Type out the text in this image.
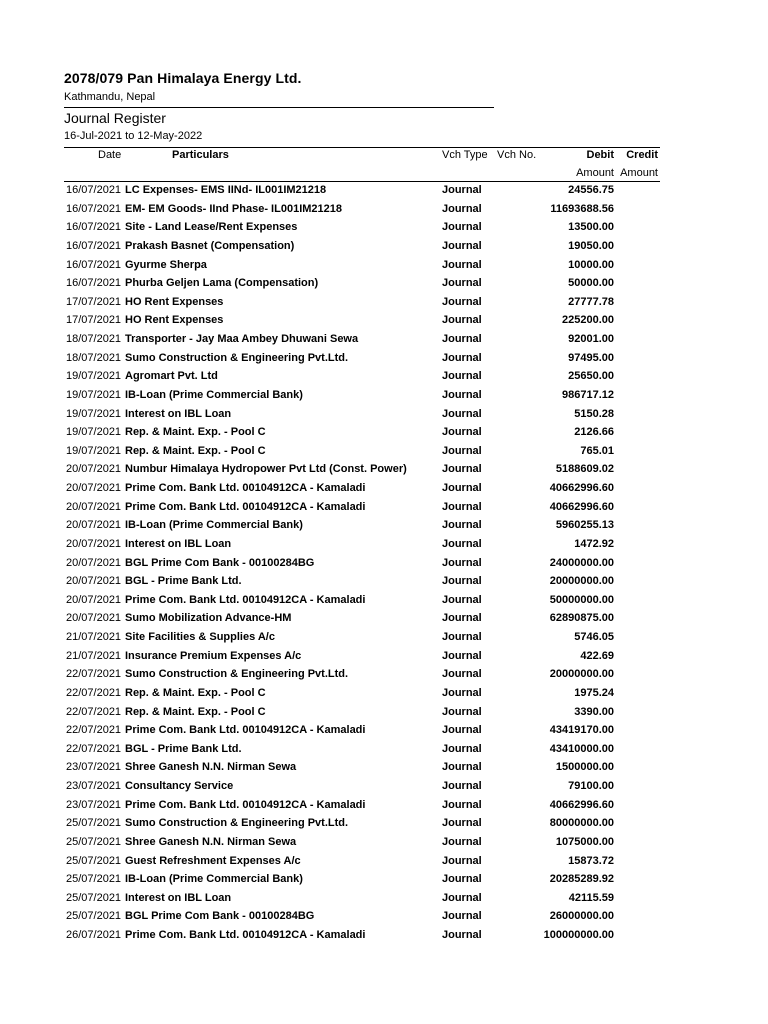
2078/079 Pan Himalaya Energy Ltd.
Kathmandu, Nepal
Journal Register
16-Jul-2021 to 12-May-2022
Date	Particulars	Vch Type Vch No.	Debit Credit
Amount Amount
16/07/2021 LC Expenses- EMS IINd- IL001IM21218	Journal	24556.75
16/07/2021 EM- EM Goods- IInd Phase- IL001IM21218	Journal	11693688.56
16/07/2021 Site - Land Lease/Rent Expenses	Journal	13500.00
16/07/2021 Prakash Basnet (Compensation)	Journal	19050.00
16/07/2021 Gyurme Sherpa	Journal	10000.00
16/07/2021 Phurba Geljen Lama (Compensation)	Journal	50000.00
17/07/2021 HO Rent Expenses	Journal	27777.78
17/07/2021 HO Rent Expenses	Journal	225200.00
18/07/2021 Transporter - Jay Maa Ambey Dhuwani Sewa	Journal	92001.00
18/07/2021 Sumo Construction & Engineering Pvt.Ltd.	Journal	97495.00
19/07/2021 Agromart Pvt. Ltd	Journal	25650.00
19/07/2021 IB-Loan (Prime Commercial Bank)	Journal	986717.12
19/07/2021 Interest on IBL Loan	Journal	5150.28
19/07/2021 Rep. & Maint. Exp. - Pool C	Journal	2126.66
19/07/2021 Rep. & Maint. Exp. - Pool C	Journal	765.01
20/07/2021 Numbur Himalaya Hydropower Pvt Ltd (Const. Power)	Journal	5188609.02
20/07/2021 Prime Com. Bank Ltd. 00104912CA - Kamaladi	Journal	40662996.60
20/07/2021 Prime Com. Bank Ltd. 00104912CA - Kamaladi	Journal	40662996.60
20/07/2021 IB-Loan (Prime Commercial Bank)	Journal	5960255.13
20/07/2021 Interest on IBL Loan	Journal	1472.92
20/07/2021 BGL Prime Com Bank - 00100284BG	Journal	24000000.00
20/07/2021 BGL - Prime Bank Ltd.	Journal	20000000.00
20/07/2021 Prime Com. Bank Ltd. 00104912CA - Kamaladi	Journal	50000000.00
20/07/2021 Sumo Mobilization Advance-HM	Journal	62890875.00
21/07/2021 Site Facilities & Supplies A/c	Journal	5746.05
21/07/2021 Insurance Premium Expenses A/c	Journal	422.69
22/07/2021 Sumo Construction & Engineering Pvt.Ltd.	Journal	20000000.00
22/07/2021 Rep. & Maint. Exp. - Pool C	Journal	1975.24
22/07/2021 Rep. & Maint. Exp. - Pool C	Journal	3390.00
22/07/2021 Prime Com. Bank Ltd. 00104912CA - Kamaladi	Journal	43419170.00
22/07/2021 BGL - Prime Bank Ltd.	Journal	43410000.00
23/07/2021 Shree Ganesh N.N. Nirman Sewa	Journal	1500000.00
23/07/2021 Consultancy Service	Journal	79100.00
23/07/2021 Prime Com. Bank Ltd. 00104912CA - Kamaladi	Journal	40662996.60
25/07/2021 Sumo Construction & Engineering Pvt.Ltd.	Journal	80000000.00
25/07/2021 Shree Ganesh N.N. Nirman Sewa	Journal	1075000.00
25/07/2021 Guest Refreshment Expenses A/c	Journal	15873.72
25/07/2021 IB-Loan (Prime Commercial Bank)	Journal	20285289.92
25/07/2021 Interest on IBL Loan	Journal	42115.59
25/07/2021 BGL Prime Com Bank - 00100284BG	Journal	26000000.00
26/07/2021 Prime Com. Bank Ltd. 00104912CA - Kamaladi	Journal	100000000.00
